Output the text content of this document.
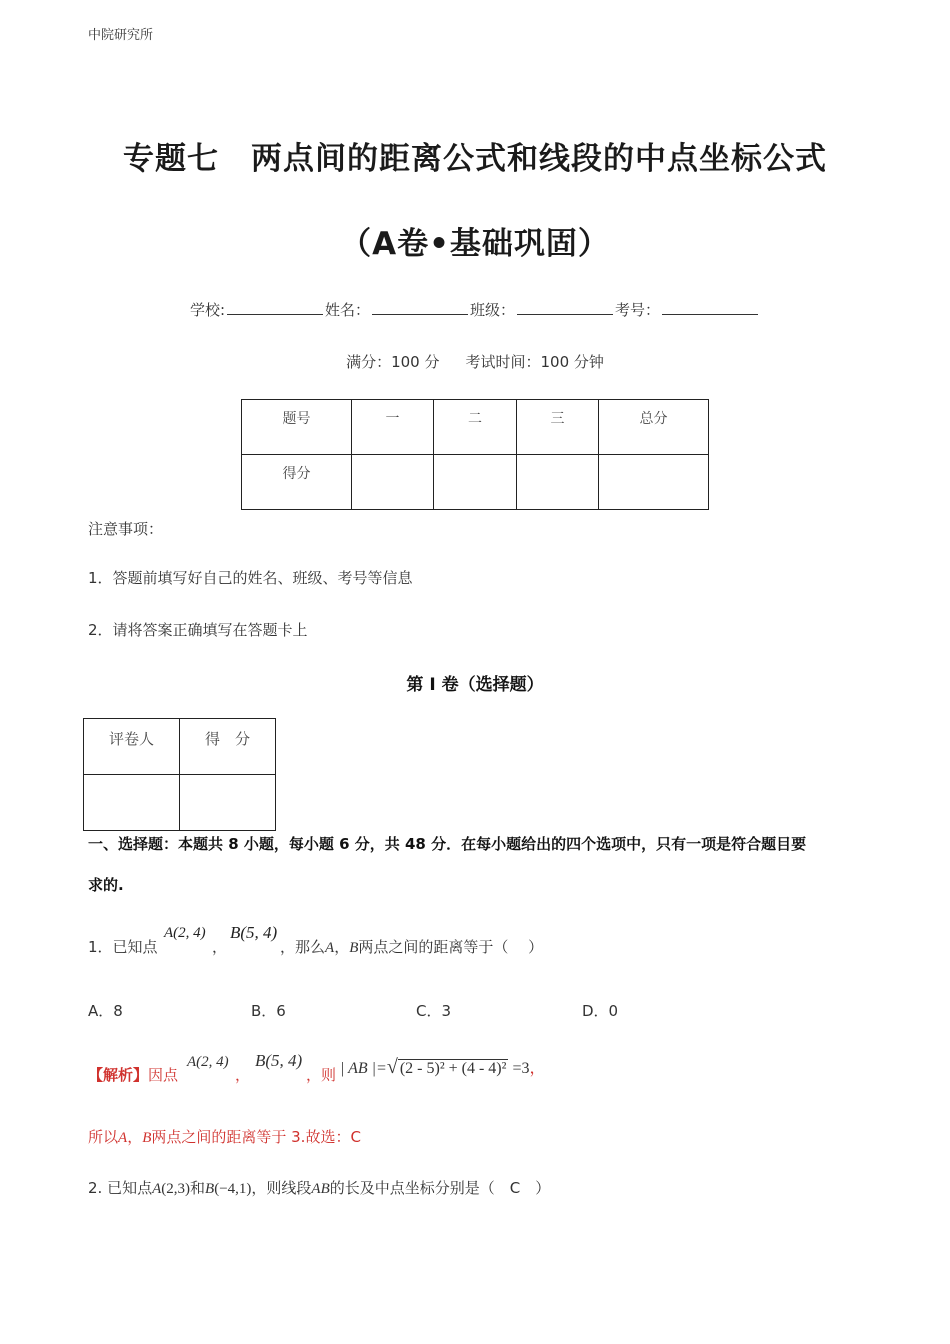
中院研究所
专题七　两点间的距离公式和线段的中点坐标公式
（A卷•基础巩固）
学校:	姓名：	班级：	考号：
满分：100 分 考试时间：100 分钟
题号	一	二	三	总分
得分				
注意事项：
1．答题前填写好自己的姓名、班级、考号等信息
2．请将答案正确填写在答题卡上
第 I 卷（选择题）
评卷人	得　分

一、选择题：本题共 8 小题，每小题 6 分，共 48 分．在每小题给出的四个选项中，只有一项是符合题目要
求的.
1．已知点
A(2, 4)
，
B(5, 4)
，那么A，B两点之间的距离等于（　 ）
A．8	B．6	C．3	D．0
【解析】因点
A(2, 4)
，
B(5, 4)
，则 | AB |=√ (2 - 5)² + (4 - 4)² =3，
所以A，B两点之间的距离等于 3.故选：C
2. 已知点A(2,3)和B(−4,1)，则线段AB的长及中点坐标分别是（　C　）
